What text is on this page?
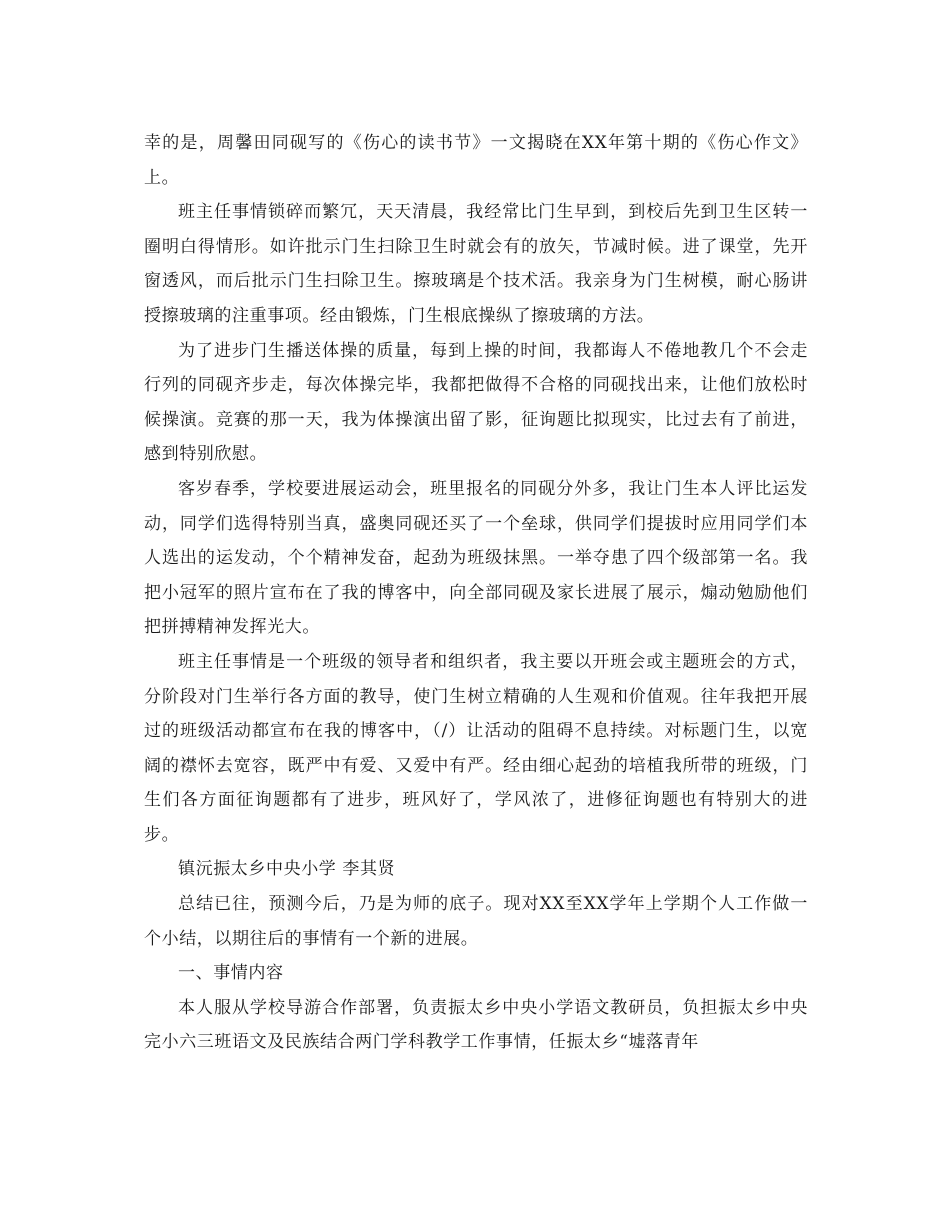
幸的是，周馨田同砚写的《伤心的读书节》一文揭晓在XX年第十期的《伤心作文》上。

班主任事情锁碎而繁冗，天天清晨，我经常比门生早到，到校后先到卫生区转一圈明白得情形。如许批示门生扫除卫生时就会有的放矢，节减时候。进了课堂，先开窗透风，而后批示门生扫除卫生。擦玻璃是个技术活。我亲身为门生树模，耐心肠讲授擦玻璃的注重事项。经由锻炼，门生根底操纵了擦玻璃的方法。

为了进步门生播送体操的质量，每到上操的时间，我都诲人不倦地教几个不会走行列的同砚齐步走，每次体操完毕，我都把做得不合格的同砚找出来，让他们放松时候操演。竞赛的那一天，我为体操演出留了影，征询题比拟现实，比过去有了前进，感到特别欣慰。

客岁春季，学校要进展运动会，班里报名的同砚分外多，我让门生本人评比运发动，同学们选得特别当真，盛奥同砚还买了一个垒球，供同学们提拔时应用同学们本人选出的运发动，个个精神发奋，起劲为班级抹黑。一举夺患了四个级部第一名。我把小冠军的照片宣布在了我的博客中，向全部同砚及家长进展了展示，煽动勉励他们把拼搏精神发挥光大。

班主任事情是一个班级的领导者和组织者，我主要以开班会或主题班会的方式，分阶段对门生举行各方面的教导，使门生树立精确的人生观和价值观。往年我把开展过的班级活动都宣布在我的博客中，（/）让活动的阻碍不息持续。对标题门生，以宽阔的襟怀去宽容，既严中有爱、又爱中有严。经由细心起劲的培植我所带的班级，门生们各方面征询题都有了进步，班风好了，学风浓了，进修征询题也有特别大的进步。

镇沅振太乡中央小学 李其贤

总结已往，预测今后，乃是为师的底子。现对XX至XX学年上学期个人工作做一个小结，以期往后的事情有一个新的进展。

一、事情内容

本人服从学校导游合作部署，负责振太乡中央小学语文教研员，负担振太乡中央完小六三班语文及民族结合两门学科教学工作事情，任振太乡“墟落青年
